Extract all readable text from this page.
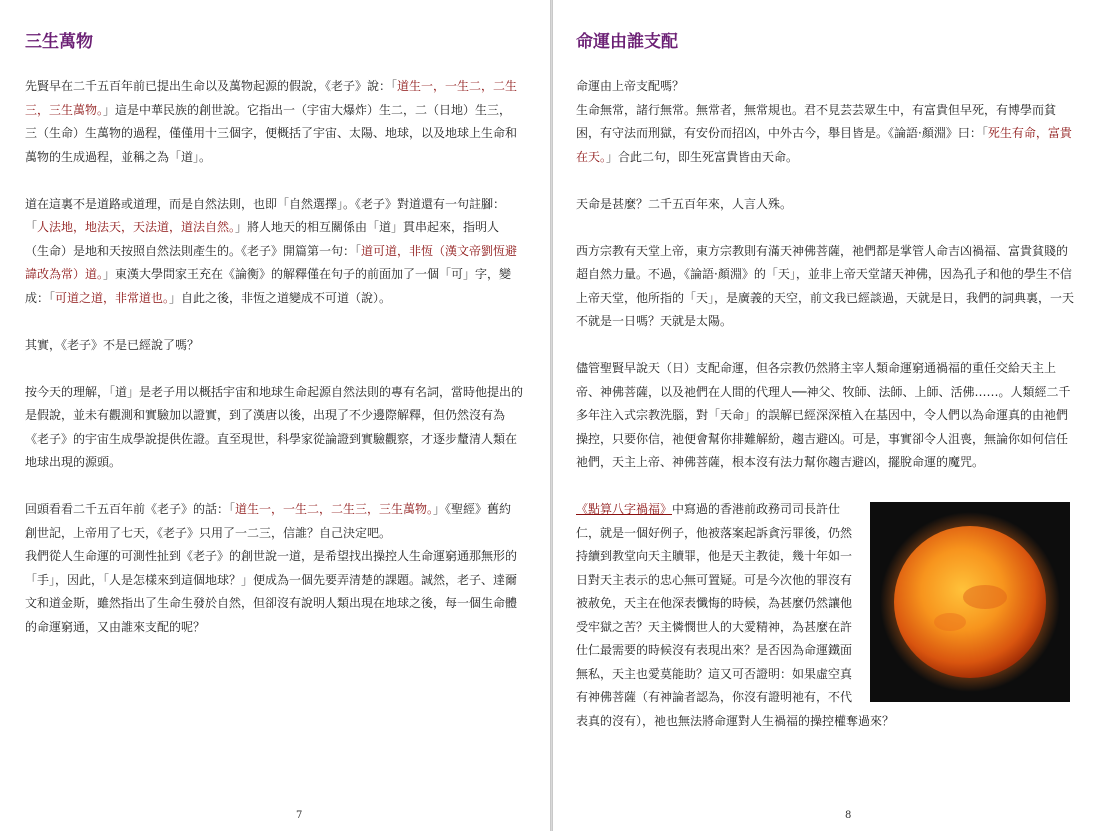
三生萬物

先賢早在二千五百年前已提出生命以及萬物起源的假說，《老子》說：「道生一，一生二，二生三，三生萬物。」這是中華民族的創世說。它指出一（宇宙大爆炸）生二，二（日地）生三，三（生命）生萬物的過程，僅僅用十三個字，便概括了宇宙、太陽、地球，以及地球上生命和萬物的生成過程，並稱之為「道」。

道在這裏不是道路或道理，而是自然法則，也即「自然選擇」。《老子》對道還有一句註腳：「人法地，地法天，天法道，道法自然。」將人地天的相互關係由「道」貫串起來，指明人（生命）是地和天按照自然法則產生的。《老子》開篇第一句：「道可道，非恆（漢文帝劉恆避諱改為常）道。」東漢大學問家王充在《論衡》的解釋僅在句子的前面加了一個「可」字，變成：「可道之道，非常道也。」自此之後，非恆之道變成不可道（說）。

其實，《老子》不是已經說了嗎？

按今天的理解，「道」是老子用以概括宇宙和地球生命起源自然法則的專有名詞，當時他提出的是假說，並未有觀測和實驗加以證實，到了漢唐以後，出現了不少邊際解釋，但仍然沒有為《老子》的宇宙生成學說提供佐證。直至現世，科學家從論證到實驗觀察，才逐步釐清人類在地球出現的源頭。

回頭看看二千五百年前《老子》的話：「道生一，一生二，二生三，三生萬物。」《聖經》舊約創世記，上帝用了七天，《老子》只用了一二三，信誰？自己決定吧。

我們從人生命運的可測性扯到《老子》的創世說一道，是希望找出操控人生命運窮通那無形的「手」，因此，「人是怎樣來到這個地球？」便成為一個先要弄清楚的課題。誠然，老子、達爾文和道金斯，雖然指出了生命生發於自然，但卻沒有說明人類出現在地球之後，每一個生命體的命運窮通，又由誰來支配的呢？

7
命運由誰支配

命運由上帝支配嗎？

生命無常，諸行無常。無常者，無常規也。君不見芸芸眾生中，有富貴但早死，有博學而貧困，有守法而刑獄，有安份而招凶，中外古今，舉目皆是。《論語·顏淵》曰：「死生有命，富貴在天。」合此二句，即生死富貴皆由天命。

天命是甚麼？二千五百年來，人言人殊。

西方宗教有天堂上帝，東方宗教則有滿天神佛菩薩，祂們都是掌管人命吉凶禍福、富貴貧賤的超自然力量。不過，《論語·顏淵》的「天」，並非上帝天堂諸天神佛，因為孔子和他的學生不信上帝天堂，他所指的「天」，是廣義的天空，前文我已經談過，天就是日，我們的詞典裏，一天不就是一日嗎？天就是太陽。

儘管聖賢早說天（日）支配命運，但各宗教仍然將主宰人類命運窮通禍福的重任交給天主上帝、神佛菩薩，以及祂們在人間的代理人──神父、牧師、法師、上師、活佛……。人類經二千多年注入式宗教洗腦，對「天命」的誤解已經深深植入在基因中，令人們以為命運真的由祂們操控，只要你信，祂便會幫你排難解紛，趨吉避凶。可是，事實卻令人沮喪，無論你如何信任祂們，天主上帝、神佛菩薩，根本沒有法力幫你趨吉避凶，擺脫命運的魔咒。

《點算八字禍福》中寫過的香港前政務司司長許仕仁，就是一個好例子，他被落案起訴貪污罪後，仍然持續到教堂向天主贖罪，他是天主教徒，幾十年如一日對天主表示的忠心無可置疑。可是今次他的罪沒有被赦免，天主在他深表懺悔的時候，為甚麼仍然讓他受牢獄之苦？天主憐憫世人的大愛精神，為甚麼在許仕仁最需要的時候沒有表現出來？是否因為命運鐵面無私，天主也愛莫能助？這又可否證明：如果虛空真有神佛菩薩（有神論者認為，你沒有證明祂有，不代表真的沒有），祂也無法將命運對人生禍福的操控權奪過來？

8
